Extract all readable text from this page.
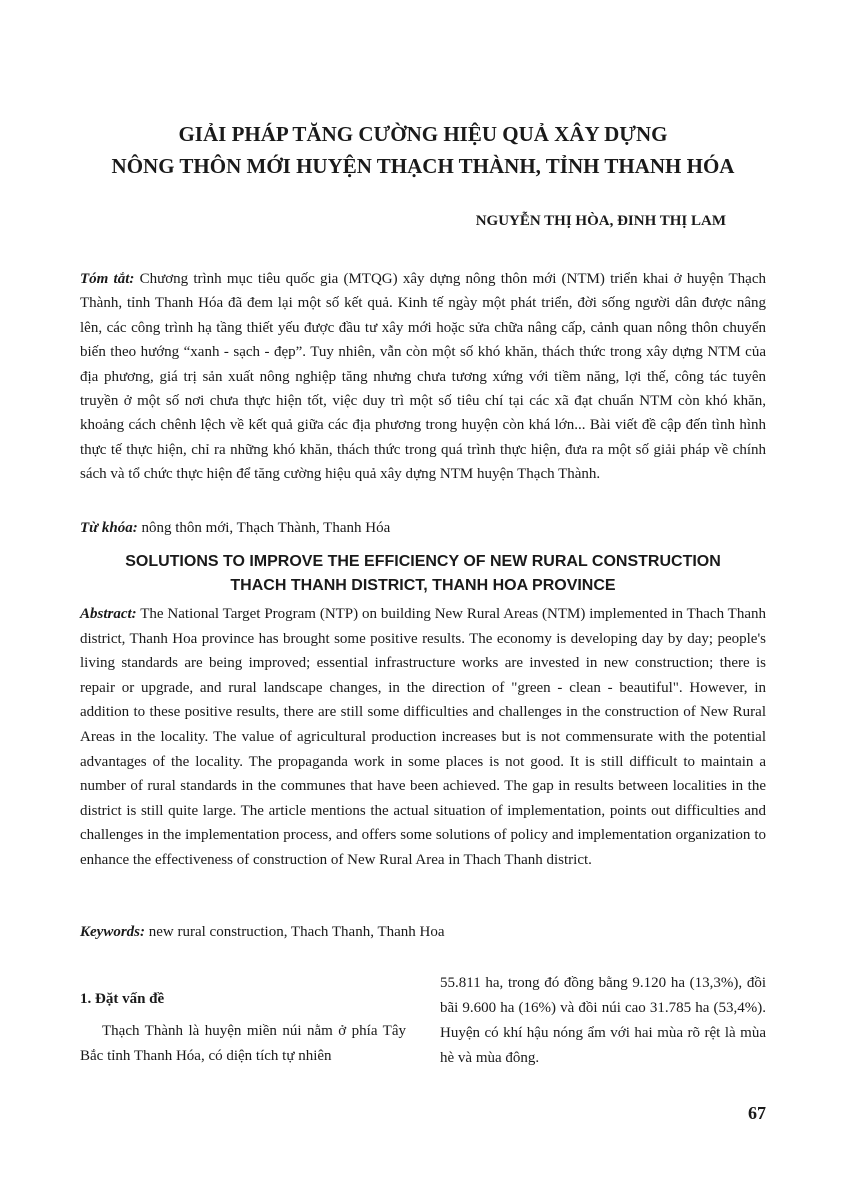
GIẢI PHÁP TĂNG CƯỜNG HIỆU QUẢ XÂY DỰNG
NÔNG THÔN MỚI HUYỆN THẠCH THÀNH, TỈNH THANH HÓA
NGUYỄN THỊ HÒA, ĐINH THỊ LAM
Tóm tắt: Chương trình mục tiêu quốc gia (MTQG) xây dựng nông thôn mới (NTM) triển khai ở huyện Thạch Thành, tỉnh Thanh Hóa đã đem lại một số kết quả. Kinh tế ngày một phát triển, đời sống người dân được nâng lên, các công trình hạ tầng thiết yếu được đầu tư xây mới hoặc sửa chữa nâng cấp, cảnh quan nông thôn chuyển biến theo hướng “xanh - sạch - đẹp”. Tuy nhiên, vẫn còn một số khó khăn, thách thức trong xây dựng NTM của địa phương, giá trị sản xuất nông nghiệp tăng nhưng chưa tương xứng với tiềm năng, lợi thế, công tác tuyên truyền ở một số nơi chưa thực hiện tốt, việc duy trì một số tiêu chí tại các xã đạt chuẩn NTM còn khó khăn, khoảng cách chênh lệch về kết quả giữa các địa phương trong huyện còn khá lớn... Bài viết đề cập đến tình hình thực tế thực hiện, chỉ ra những khó khăn, thách thức trong quá trình thực hiện, đưa ra một số giải pháp về chính sách và tổ chức thực hiện để tăng cường hiệu quả xây dựng NTM huyện Thạch Thành.
Từ khóa: nông thôn mới, Thạch Thành, Thanh Hóa
SOLUTIONS TO IMPROVE THE EFFICIENCY OF NEW RURAL CONSTRUCTION
THACH THANH DISTRICT, THANH HOA PROVINCE
Abstract: The National Target Program (NTP) on building New Rural Areas (NTM) implemented in Thach Thanh district, Thanh Hoa province has brought some positive results. The economy is developing day by day; people's living standards are being improved; essential infrastructure works are invested in new construction; there is repair or upgrade, and rural landscape changes, in the direction of "green - clean - beautiful". However, in addition to these positive results, there are still some difficulties and challenges in the construction of New Rural Areas in the locality. The value of agricultural production increases but is not commensurate with the potential advantages of the locality. The propaganda work in some places is not good. It is still difficult to maintain a number of rural standards in the communes that have been achieved. The gap in results between localities in the district is still quite large. The article mentions the actual situation of implementation, points out difficulties and challenges in the implementation process, and offers some solutions of policy and implementation organization to enhance the effectiveness of construction of New Rural Area in Thach Thanh district.
Keywords: new rural construction, Thach Thanh, Thanh Hoa
1. Đặt vấn đề
Thạch Thành là huyện miền núi nằm ở phía Tây Bắc tỉnh Thanh Hóa, có diện tích tự nhiên
55.811 ha, trong đó đồng bằng 9.120 ha (13,3%), đồi bãi 9.600 ha (16%) và đồi núi cao 31.785 ha (53,4%). Huyện có khí hậu nóng ẩm với hai mùa rõ rệt là mùa hè và mùa đông.
67
